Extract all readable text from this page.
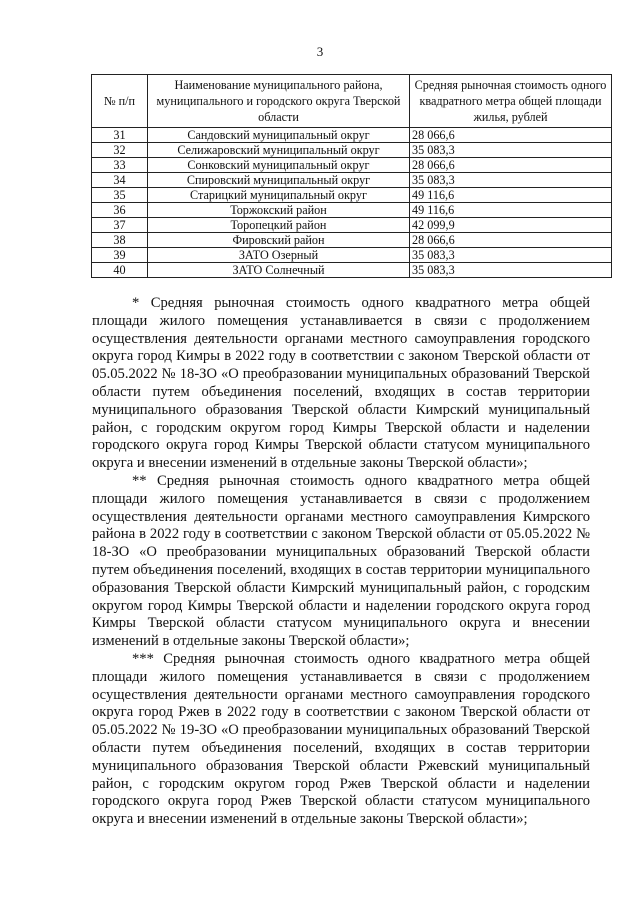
3
№ п/п	Наименование муниципального района, муниципального и городского округа Тверской области	Средняя рыночная стоимость одного квадратного метра общей площади жилья, рублей
31	Сандовский муниципальный округ	28 066,6
32	Селижаровский муниципальный округ	35 083,3
33	Сонковский муниципальный округ	28 066,6
34	Спировский муниципальный округ	35 083,3
35	Старицкий муниципальный округ	49 116,6
36	Торжокский район	49 116,6
37	Торопецкий район	42 099,9
38	Фировский район	28 066,6
39	ЗАТО Озерный	35 083,3
40	ЗАТО Солнечный	35 083,3

* Средняя рыночная стоимость одного квадратного метра общей площади жилого помещения устанавливается в связи с продолжением осуществления деятельности органами местного самоуправления городского округа город Кимры в 2022 году в соответствии с законом Тверской области от 05.05.2022 № 18-ЗО «О преобразовании муниципальных образований Тверской области путем объединения поселений, входящих в состав территории муниципального образования Тверской области Кимрский муниципальный район, с городским округом город Кимры Тверской области и наделении городского округа город Кимры Тверской области статусом муниципального округа и внесении изменений в отдельные законы Тверской области»;

** Средняя рыночная стоимость одного квадратного метра общей площади жилого помещения устанавливается в связи с продолжением осуществления деятельности органами местного самоуправления Кимрского района в 2022 году в соответствии с законом Тверской области от 05.05.2022 № 18-ЗО «О преобразовании муниципальных образований Тверской области путем объединения поселений, входящих в состав территории муниципального образования Тверской области Кимрский муниципальный район, с городским округом город Кимры Тверской области и наделении городского округа город Кимры Тверской области статусом муниципального округа и внесении изменений в отдельные законы Тверской области»;

*** Средняя рыночная стоимость одного квадратного метра общей площади жилого помещения устанавливается в связи с продолжением осуществления деятельности органами местного самоуправления городского округа город Ржев в 2022 году в соответствии с законом Тверской области от 05.05.2022 № 19-ЗО «О преобразовании муниципальных образований Тверской области путем объединения поселений, входящих в состав территории муниципального образования Тверской области Ржевский муниципальный район, с городским округом город Ржев Тверской области и наделении городского округа город Ржев Тверской области статусом муниципального округа и внесении изменений в отдельные законы Тверской области»;
